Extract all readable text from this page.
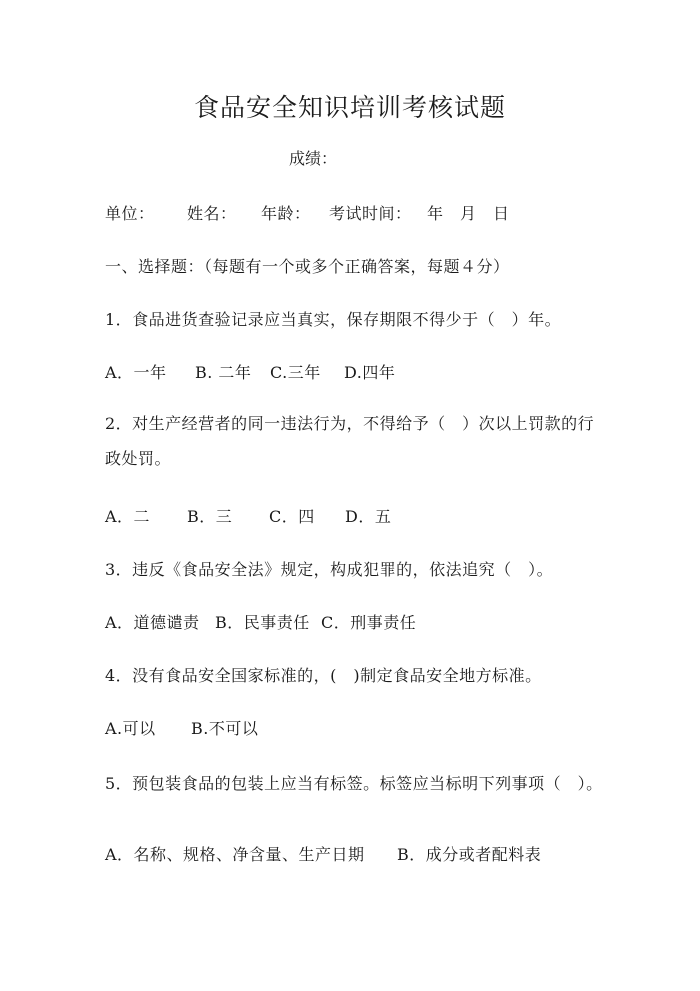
食品安全知识培训考核试题
成绩：
单位： 姓名： 年龄： 考试时间： 年　月　日
一、选择题：（每题有一个或多个正确答案，每题４分）
1．食品进货查验记录应当真实，保存期限不得少于（　）年。
A．一年 B. 二年 C.三年 D.四年
2．对生产经营者的同一违法行为，不得给予（　）次以上罚款的行政处罚。
A．二 B．三 C．四 D．五
3．违反《食品安全法》规定，构成犯罪的，依法追究（　）。
A．道德谴责 B．民事责任 C．刑事责任
4．没有食品安全国家标准的，(　)制定食品安全地方标准。
A.可以 B.不可以
5．预包装食品的包装上应当有标签。标签应当标明下列事项（　）。
A．名称、规格、净含量、生产日期 B．成分或者配料表
